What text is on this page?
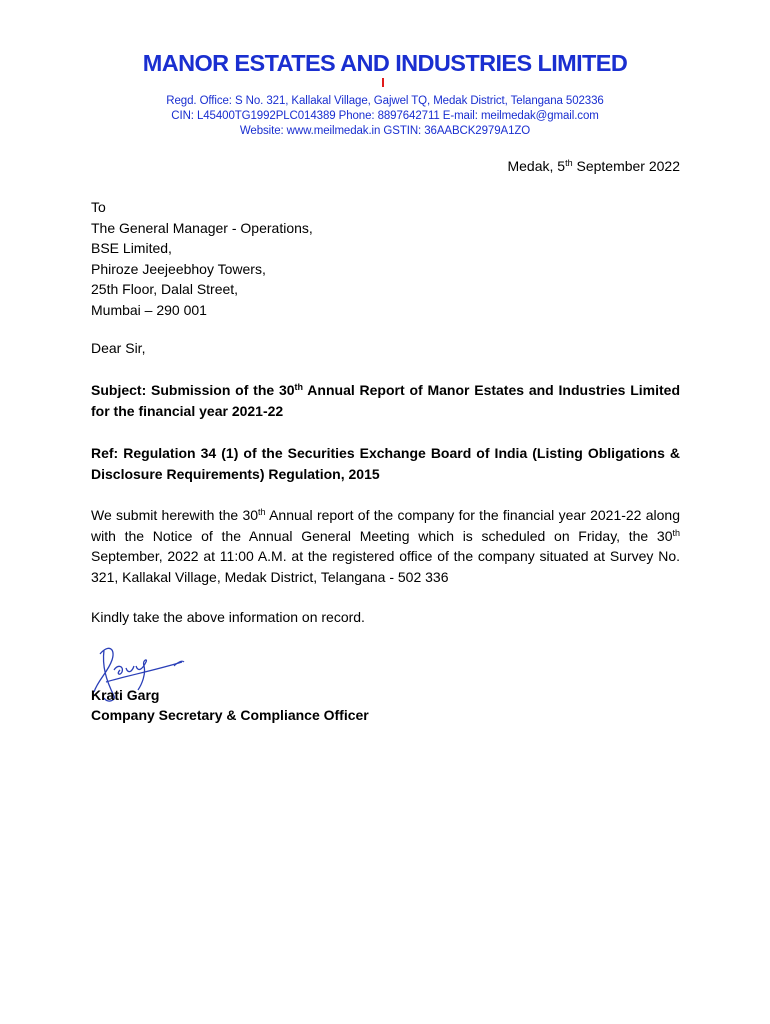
MANOR ESTATES AND INDUSTRIES LIMITED

Regd. Office: S No. 321, Kallakal Village, Gajwel TQ, Medak District, Telangana 502336

CIN: L45400TG1992PLC014389 Phone: 8897642711 E-mail: meilmedak@gmail.com

Website: www.meilmedak.in GSTIN: 36AABCK2979A1ZO

Medak, 5th September 2022

To
The General Manager - Operations,
BSE Limited,
Phiroze Jeejeebhoy Towers,
25th Floor, Dalal Street,
Mumbai – 290 001

Dear Sir,

Subject: Submission of the 30th Annual Report of Manor Estates and Industries Limited for the financial year 2021-22

Ref: Regulation 34 (1) of the Securities Exchange Board of India (Listing Obligations & Disclosure Requirements) Regulation, 2015

We submit herewith the 30th Annual report of the company for the financial year 2021-22 along with the Notice of the Annual General Meeting which is scheduled on Friday, the 30th September, 2022 at 11:00 A.M. at the registered office of the company situated at Survey No. 321, Kallakal Village, Medak District, Telangana - 502 336

Kindly take the above information on record.

Krati Garg
Company Secretary & Compliance Officer
